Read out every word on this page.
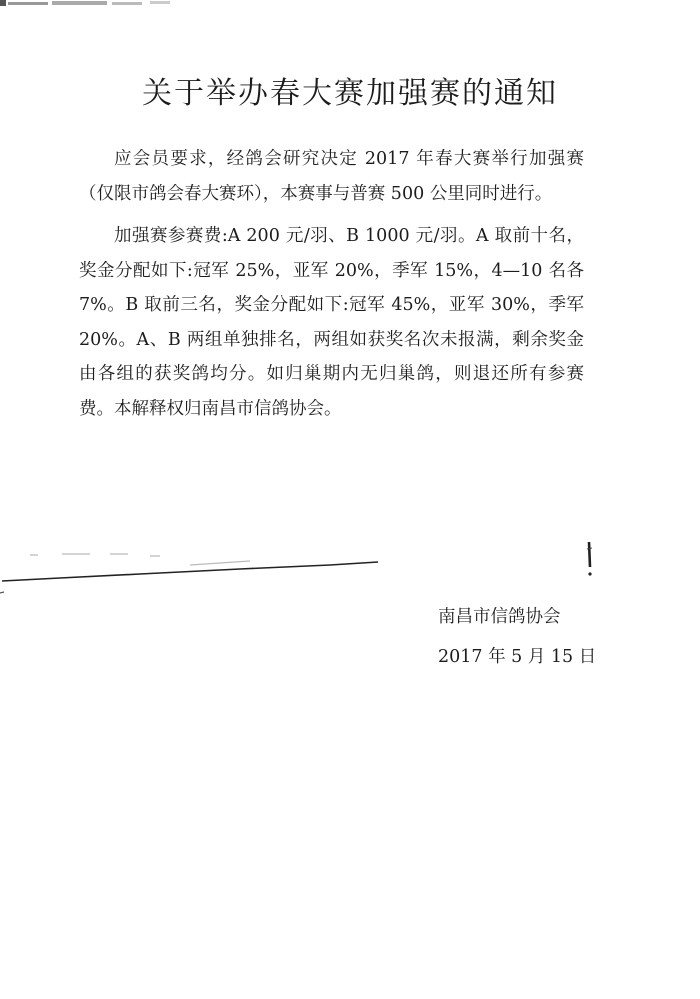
关于举办春大赛加强赛的通知

应会员要求，经鸽会研究决定 2017 年春大赛举行加强赛（仅限市鸽会春大赛环），本赛事与普赛 500 公里同时进行。

加强赛参赛费:A 200 元/羽、B 1000 元/羽。A 取前十名，奖金分配如下:冠军 25%，亚军 20%，季军 15%，4—10 名各 7%。B 取前三名，奖金分配如下:冠军 45%，亚军 30%，季军 20%。A、B 两组单独排名，两组如获奖名次未报满，剩余奖金由各组的获奖鸽均分。如归巢期内无归巢鸽，则退还所有参赛费。本解释权归南昌市信鸽协会。

南昌市信鸽协会
2017 年 5 月 15 日
